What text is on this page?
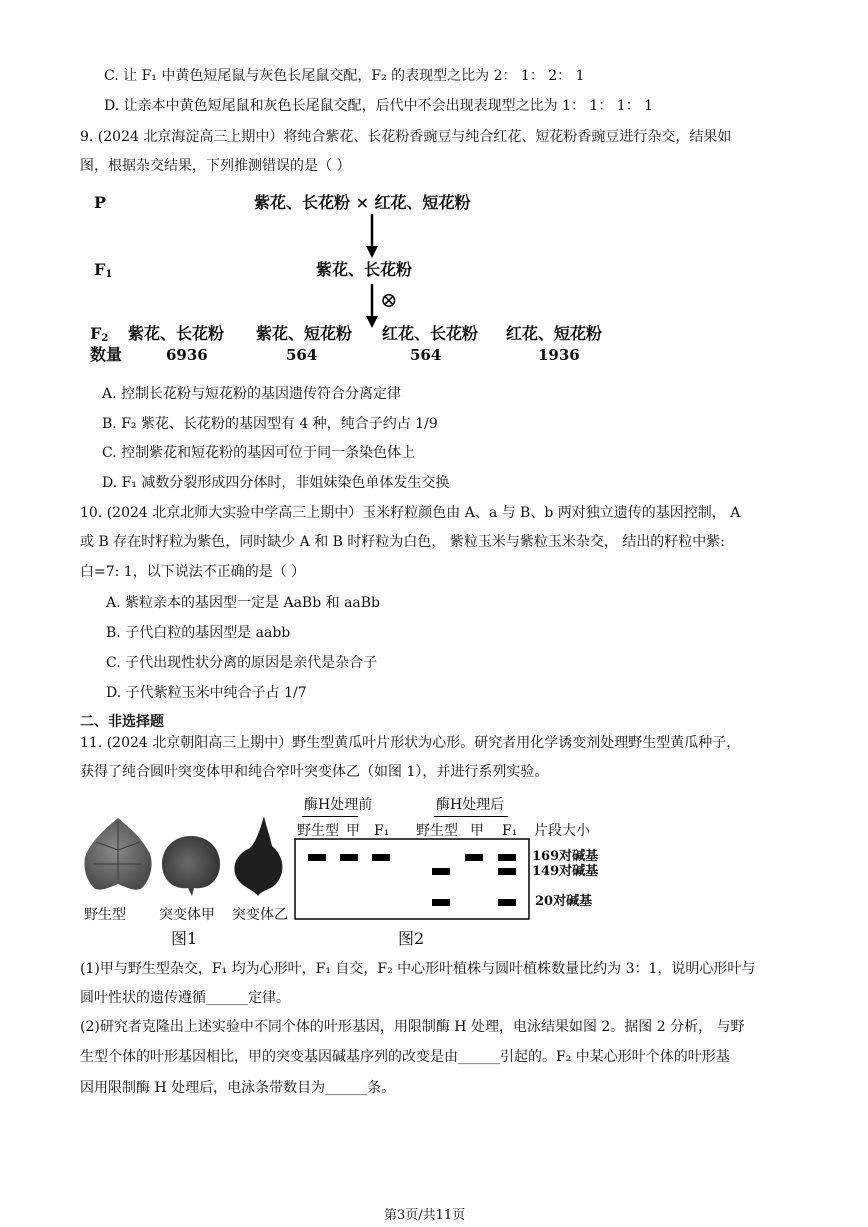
C. 让 F₁ 中黄色短尾鼠与灰色长尾鼠交配，F₂ 的表现型之比为 2： 1： 2： 1
D. 让亲本中黄色短尾鼠和灰色长尾鼠交配，后代中不会出现表现型之比为 1： 1： 1： 1
9. (2024 北京海淀高三上期中）将纯合紫花、长花粉香豌豆与纯合红花、短花粉香豌豆进行杂交，结果如
图，根据杂交结果，下列推测错误的是（ ）
P	紫花、长花粉 × 红花、短花粉
$F_1$	紫花、长花粉
⊗
$F_2$ 紫花、长花粉 紫花、短花粉 红花、长花粉 红花、短花粉
数量	6936	564	564	1936
A. 控制长花粉与短花粉的基因遗传符合分离定律
B. F₂ 紫花、长花粉的基因型有 4 种，纯合子约占 1/9
C. 控制紫花和短花粉的基因可位于同一条染色体上
D. F₁ 减数分裂形成四分体时，非姐妹染色单体发生交换
10. (2024 北京北师大实验中学高三上期中）玉米籽粒颜色由 A、a 与 B、b 两对独立遗传的基因控制， A
或 B 存在时籽粒为紫色，同时缺少 A 和 B 时籽粒为白色， 紫粒玉米与紫粒玉米杂交， 结出的籽粒中紫:
白=7: 1，以下说法不正确的是（ ）
A. 紫粒亲本的基因型一定是 AaBb 和 aaBb
B. 子代白粒的基因型是 aabb
C. 子代出现性状分离的原因是亲代是杂合子
D. 子代紫粒玉米中纯合子占 1/7
二、非选择题
11. (2024 北京朝阳高三上期中）野生型黄瓜叶片形状为心形。研究者用化学诱变剂处理野生型黄瓜种子，
获得了纯合圆叶突变体甲和纯合窄叶突变体乙（如图 1），并进行系列实验。
野生型 突变体甲 突变体乙
图1
酶H处理前	酶H处理后
野生型 甲 F₁ 野生型 甲 F₁ 片段大小
169对碱基
149对碱基
20对碱基
图2
(1)甲与野生型杂交，F₁ 均为心形叶，F₁ 自交，F₂ 中心形叶植株与圆叶植株数量比约为 3：1，说明心形叶与
圆叶性状的遗传遵循______定律。
(2)研究者克隆出上述实验中不同个体的叶形基因，用限制酶 H 处理，电泳结果如图 2。据图 2 分析， 与野
生型个体的叶形基因相比，甲的突变基因碱基序列的改变是由______引起的。F₂ 中某心形叶个体的叶形基
因用限制酶 H 处理后，电泳条带数目为______条。
第3页/共11页
